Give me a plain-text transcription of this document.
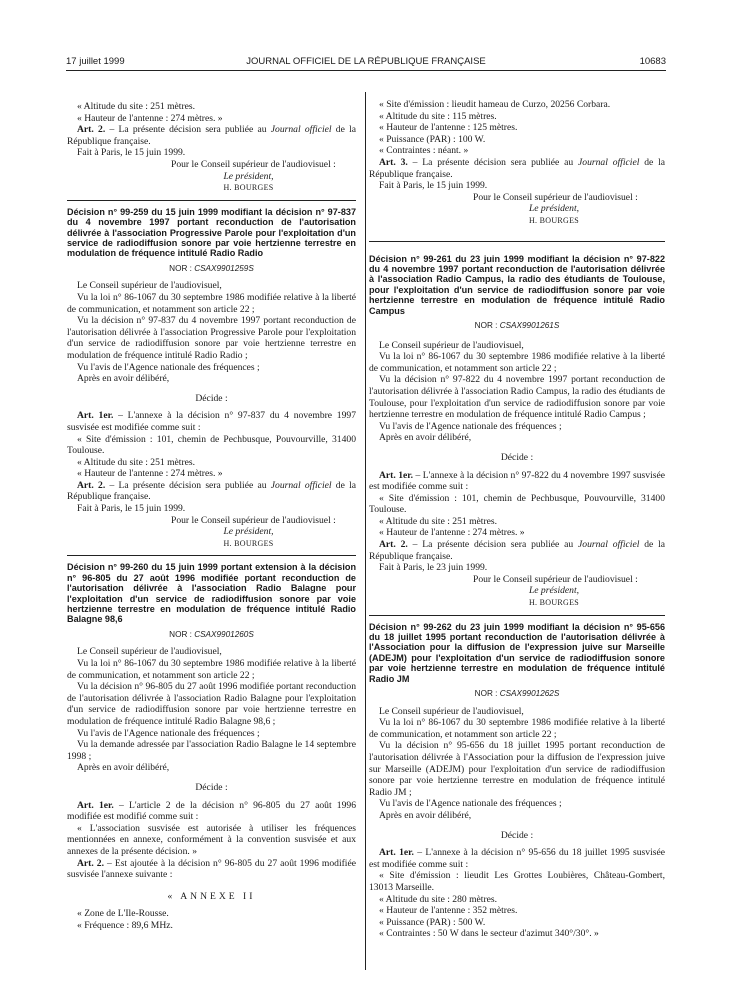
17 juillet 1999	JOURNAL OFFICIEL DE LA RÉPUBLIQUE FRANÇAISE	10683

« Altitude du site : 251 mètres.

« Hauteur de l'antenne : 274 mètres. »

Art. 2. – La présente décision sera publiée au Journal officiel de la République française.

Fait à Paris, le 15 juin 1999.

Pour le Conseil supérieur de l'audiovisuel :

Le président,

H. BOURGES

Décision n° 99-259 du 15 juin 1999 modifiant la décision n° 97-837 du 4 novembre 1997 portant reconduction de l'autorisation délivrée à l'association Progressive Parole pour l'exploitation d'un service de radiodiffusion sonore par voie hertzienne terrestre en modulation de fréquence intitulé Radio Radio

NOR : CSAX9901259S

Le Conseil supérieur de l'audiovisuel,

Vu la loi n° 86-1067 du 30 septembre 1986 modifiée relative à la liberté de communication, et notamment son article 22 ;

Vu la décision n° 97-837 du 4 novembre 1997 portant reconduction de l'autorisation délivrée à l'association Progressive Parole pour l'exploitation d'un service de radiodiffusion sonore par voie hertzienne terrestre en modulation de fréquence intitulé Radio Radio ;

Vu l'avis de l'Agence nationale des fréquences ;

Après en avoir délibéré,

Décide :

Art. 1er. – L'annexe à la décision n° 97-837 du 4 novembre 1997 susvisée est modifiée comme suit :

« Site d'émission : 101, chemin de Pechbusque, Pouvourville, 31400 Toulouse.

« Altitude du site : 251 mètres.

« Hauteur de l'antenne : 274 mètres. »

Art. 2. – La présente décision sera publiée au Journal officiel de la République française.

Fait à Paris, le 15 juin 1999.

Pour le Conseil supérieur de l'audiovisuel :

Le président,

H. BOURGES

Décision n° 99-260 du 15 juin 1999 portant extension à la décision n° 96-805 du 27 août 1996 modifiée portant reconduction de l'autorisation délivrée à l'association Radio Balagne pour l'exploitation d'un service de radiodiffusion sonore par voie hertzienne terrestre en modulation de fréquence intitulé Radio Balagne 98,6

NOR : CSAX9901260S

Le Conseil supérieur de l'audiovisuel,

Vu la loi n° 86-1067 du 30 septembre 1986 modifiée relative à la liberté de communication, et notamment son article 22 ;

Vu la décision n° 96-805 du 27 août 1996 modifiée portant reconduction de l'autorisation délivrée à l'association Radio Balagne pour l'exploitation d'un service de radiodiffusion sonore par voie hertzienne terrestre en modulation de fréquence intitulé Radio Balagne 98,6 ;

Vu l'avis de l'Agence nationale des fréquences ;

Vu la demande adressée par l'association Radio Balagne le 14 septembre 1998 ;

Après en avoir délibéré,

Décide :

Art. 1er. – L'article 2 de la décision n° 96-805 du 27 août 1996 modifiée est modifié comme suit :

« L'association susvisée est autorisée à utiliser les fréquences mentionnées en annexe, conformément à la convention susvisée et aux annexes de la présente décision. »

Art. 2. – Est ajoutée à la décision n° 96-805 du 27 août 1996 modifiée susvisée l'annexe suivante :

« ANNEXE II

« Zone de L'Ile-Rousse.

« Fréquence : 89,6 MHz.

« Site d'émission : lieudit hameau de Curzo, 20256 Corbara.

« Altitude du site : 115 mètres.

« Hauteur de l'antenne : 125 mètres.

« Puissance (PAR) : 100 W.

« Contraintes : néant. »

Art. 3. – La présente décision sera publiée au Journal officiel de la République française.

Fait à Paris, le 15 juin 1999.

Pour le Conseil supérieur de l'audiovisuel :

Le président,

H. BOURGES

Décision n° 99-261 du 23 juin 1999 modifiant la décision n° 97-822 du 4 novembre 1997 portant reconduction de l'autorisation délivrée à l'association Radio Campus, la radio des étudiants de Toulouse, pour l'exploitation d'un service de radiodiffusion sonore par voie hertzienne terrestre en modulation de fréquence intitulé Radio Campus

NOR : CSAX9901261S

Le Conseil supérieur de l'audiovisuel,

Vu la loi n° 86-1067 du 30 septembre 1986 modifiée relative à la liberté de communication, et notamment son article 22 ;

Vu la décision n° 97-822 du 4 novembre 1997 portant reconduction de l'autorisation délivrée à l'association Radio Campus, la radio des étudiants de Toulouse, pour l'exploitation d'un service de radiodiffusion sonore par voie hertzienne terrestre en modulation de fréquence intitulé Radio Campus ;

Vu l'avis de l'Agence nationale des fréquences ;

Après en avoir délibéré,

Décide :

Art. 1er. – L'annexe à la décision n° 97-822 du 4 novembre 1997 susvisée est modifiée comme suit :

« Site d'émission : 101, chemin de Pechbusque, Pouvourville, 31400 Toulouse.

« Altitude du site : 251 mètres.

« Hauteur de l'antenne : 274 mètres. »

Art. 2. – La présente décision sera publiée au Journal officiel de la République française.

Fait à Paris, le 23 juin 1999.

Pour le Conseil supérieur de l'audiovisuel :

Le président,

H. BOURGES

Décision n° 99-262 du 23 juin 1999 modifiant la décision n° 95-656 du 18 juillet 1995 portant reconduction de l'autorisation délivrée à l'Association pour la diffusion de l'expression juive sur Marseille (ADEJM) pour l'exploitation d'un service de radiodiffusion sonore par voie hertzienne terrestre en modulation de fréquence intitulé Radio JM

NOR : CSAX9901262S

Le Conseil supérieur de l'audiovisuel,

Vu la loi n° 86-1067 du 30 septembre 1986 modifiée relative à la liberté de communication, et notamment son article 22 ;

Vu la décision n° 95-656 du 18 juillet 1995 portant reconduction de l'autorisation délivrée à l'Association pour la diffusion de l'expression juive sur Marseille (ADEJM) pour l'exploitation d'un service de radiodiffusion sonore par voie hertzienne terrestre en modulation de fréquence intitulé Radio JM ;

Vu l'avis de l'Agence nationale des fréquences ;

Après en avoir délibéré,

Décide :

Art. 1er. – L'annexe à la décision n° 95-656 du 18 juillet 1995 susvisée est modifiée comme suit :

« Site d'émission : lieudit Les Grottes Loubières, Château-Gombert, 13013 Marseille.

« Altitude du site : 280 mètres.

« Hauteur de l'antenne : 352 mètres.

« Puissance (PAR) : 500 W.

« Contraintes : 50 W dans le secteur d'azimut 340°/30°. »
